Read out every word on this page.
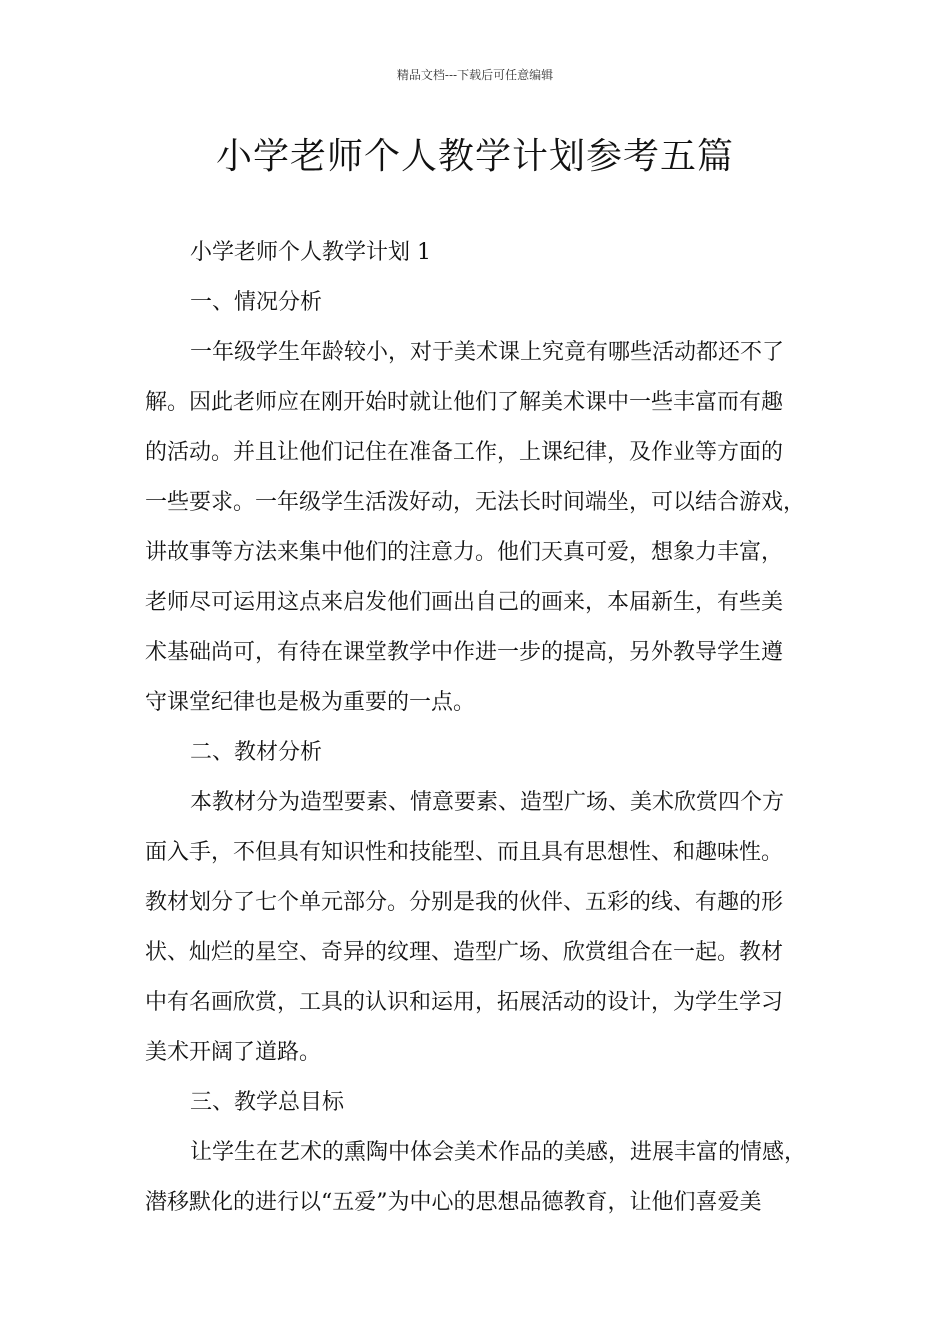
精品文档---下载后可任意编辑
小学老师个人教学计划参考五篇
小学老师个人教学计划 1
一、情况分析
一年级学生年龄较小，对于美术课上究竟有哪些活动都还不了
解。因此老师应在刚开始时就让他们了解美术课中一些丰富而有趣
的活动。并且让他们记住在准备工作，上课纪律，及作业等方面的
一些要求。一年级学生活泼好动，无法长时间端坐，可以结合游戏，
讲故事等方法来集中他们的注意力。他们天真可爱，想象力丰富，
老师尽可运用这点来启发他们画出自己的画来，本届新生，有些美
术基础尚可，有待在课堂教学中作进一步的提高，另外教导学生遵
守课堂纪律也是极为重要的一点。
二、教材分析
本教材分为造型要素、情意要素、造型广场、美术欣赏四个方
面入手，不但具有知识性和技能型、而且具有思想性、和趣味性。
教材划分了七个单元部分。分别是我的伙伴、五彩的线、有趣的形
状、灿烂的星空、奇异的纹理、造型广场、欣赏组合在一起。教材
中有名画欣赏，工具的认识和运用，拓展活动的设计，为学生学习
美术开阔了道路。
三、教学总目标
让学生在艺术的熏陶中体会美术作品的美感，进展丰富的情感，
潜移默化的进行以“五爱”为中心的思想品德教育，让他们喜爱美
